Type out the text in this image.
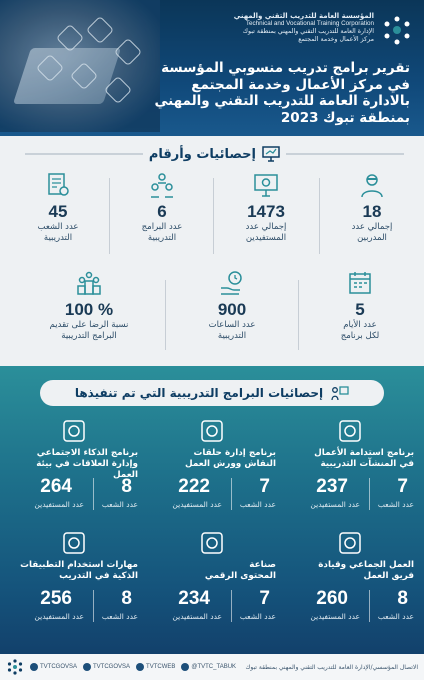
المؤسسة العامة للتدريب التقني والمهني
Technical and Vocational Training Corporation
الإدارة العامة للتدريب التقني والمهني بمنطقة تبوك
مركز الأعمال وخدمة المجتمع
تقرير برامج تدريب منسوبي المؤسسة
في مركز الأعمال وخدمة المجتمع
بالادارة العامة للتدريب التقني والمهني
بمنطقة تبوك 2023
إحصائيات وأرقام
18
إجمالي عدد
المدربين
1473
إجمالي عدد
المستفيدين
6
عدد البرامج
التدريبية
45
عدد الشعب
التدريبية
5
عدد الأيام
لكل برنامج
900
عدد الساعات
التدريبية
100 %
نسبة الرضا على تقديم
البرامج التدريبية
إحصائيات البرامج التدريبية التي تم تنفيذها
برنامج استدامة الأعمال
في المنشآت التدريبية
7
عدد الشعب
237
عدد المستفيدين
برنامج إدارة حلقات
النقاش وورش العمل
7
عدد الشعب
222
عدد المستفيدين
برنامج الذكاء الاجتماعي
وإدارة العلاقات في بيئة العمل
8
عدد الشعب
264
عدد المستفيدين
العمل الجماعي وقيادة
فريق العمل
8
عدد الشعب
260
عدد المستفيدين
صناعة
المحتوى الرقمي
7
عدد الشعب
234
عدد المستفيدين
مهارات استخدام التطبيقات
الذكية في التدريب
8
عدد الشعب
256
عدد المستفيدين
TVTCGOVSA	TVTCGOVSA	TVTCWEB	@TVTC_TABUK الاتصال المؤسسي/الإدارة العامة للتدريب التقني والمهني بمنطقة تبوك
